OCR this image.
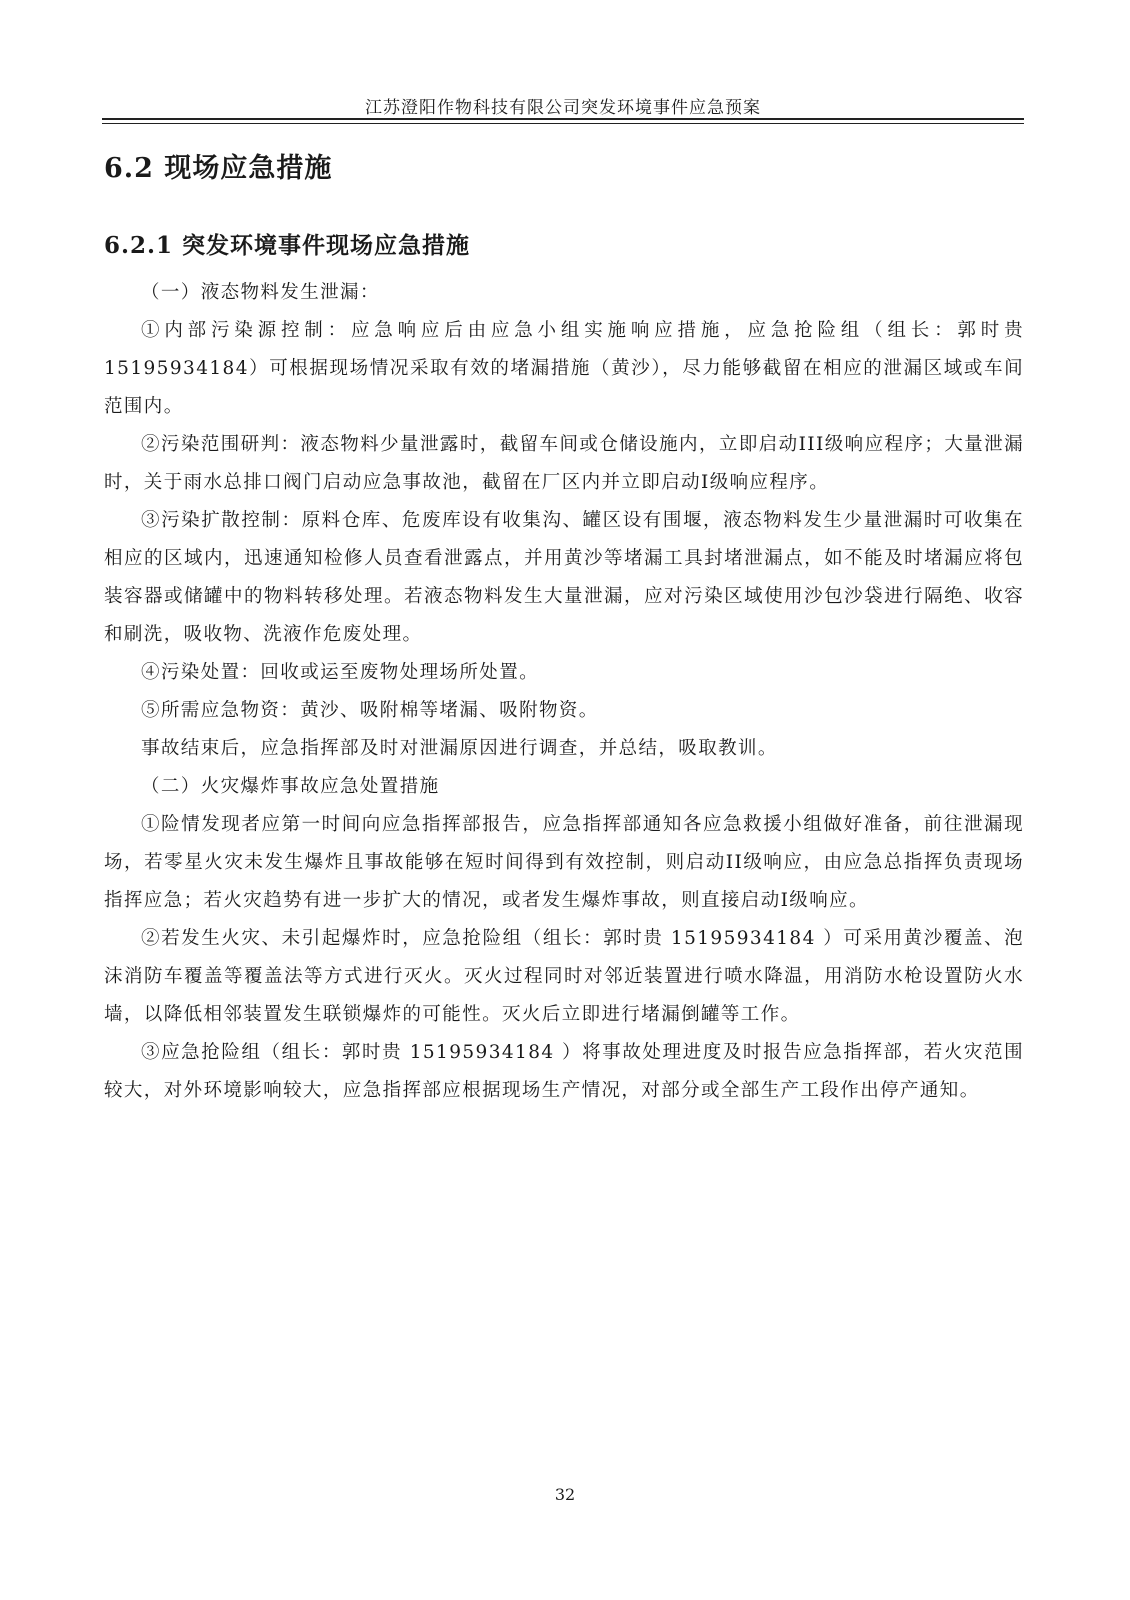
江苏澄阳作物科技有限公司突发环境事件应急预案
6.2 现场应急措施
6.2.1 突发环境事件现场应急措施

（一）液态物料发生泄漏：

①内部污染源控制：应急响应后由应急小组实施响应措施，应急抢险组（组长：郭时贵15195934184）可根据现场情况采取有效的堵漏措施（黄沙），尽力能够截留在相应的泄漏区域或车间范围内。

②污染范围研判：液态物料少量泄露时，截留车间或仓储设施内，立即启动III级响应程序；大量泄漏时，关于雨水总排口阀门启动应急事故池，截留在厂区内并立即启动I级响应程序。

③污染扩散控制：原料仓库、危废库设有收集沟、罐区设有围堰，液态物料发生少量泄漏时可收集在相应的区域内，迅速通知检修人员查看泄露点，并用黄沙等堵漏工具封堵泄漏点，如不能及时堵漏应将包装容器或储罐中的物料转移处理。若液态物料发生大量泄漏，应对污染区域使用沙包沙袋进行隔绝、收容和刷洗，吸收物、洗液作危废处理。

④污染处置：回收或运至废物处理场所处置。

⑤所需应急物资：黄沙、吸附棉等堵漏、吸附物资。

事故结束后，应急指挥部及时对泄漏原因进行调查，并总结，吸取教训。

（二）火灾爆炸事故应急处置措施

①险情发现者应第一时间向应急指挥部报告，应急指挥部通知各应急救援小组做好准备，前往泄漏现场，若零星火灾未发生爆炸且事故能够在短时间得到有效控制，则启动II级响应，由应急总指挥负责现场指挥应急；若火灾趋势有进一步扩大的情况，或者发生爆炸事故，则直接启动I级响应。

②若发生火灾、未引起爆炸时，应急抢险组（组长：郭时贵 15195934184 ）可采用黄沙覆盖、泡沫消防车覆盖等覆盖法等方式进行灭火。灭火过程同时对邻近装置进行喷水降温，用消防水枪设置防火水墙，以降低相邻装置发生联锁爆炸的可能性。灭火后立即进行堵漏倒罐等工作。

③应急抢险组（组长：郭时贵 15195934184 ）将事故处理进度及时报告应急指挥部，若火灾范围较大，对外环境影响较大，应急指挥部应根据现场生产情况，对部分或全部生产工段作出停产通知。

32
